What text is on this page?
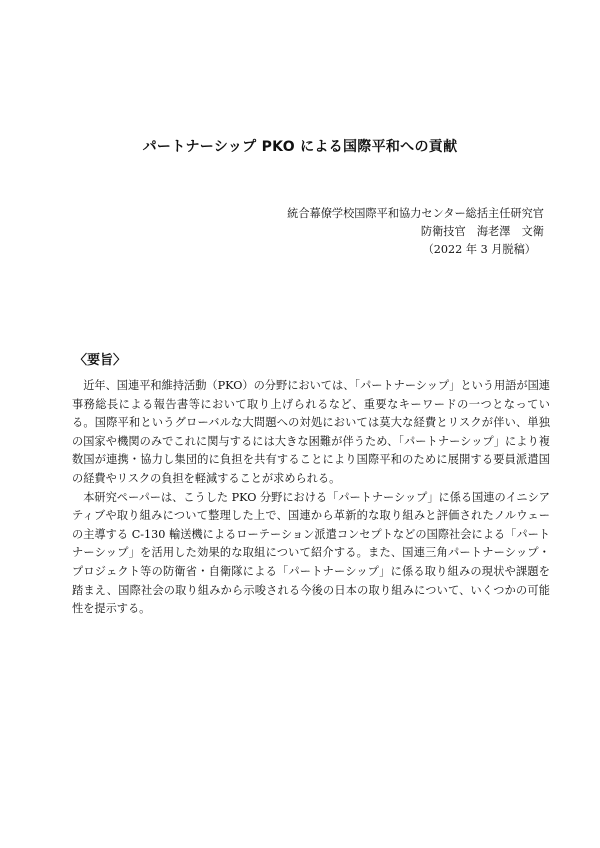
パートナーシップ PKO による国際平和への貢献
統合幕僚学校国際平和協力センター総括主任研究官
防衛技官　海老澤　文衛
（2022 年 3 月脱稿）
〈要旨〉

近年、国連平和維持活動（PKO）の分野においては、「パートナーシップ」という用語が国連事務総長による報告書等において取り上げられるなど、重要なキーワードの一つとなっている。国際平和というグローバルな大問題への対処においては莫大な経費とリスクが伴い、単独の国家や機関のみでこれに関与するには大きな困難が伴うため、「パートナーシップ」により複数国が連携・協力し集団的に負担を共有することにより国際平和のために展開する要員派遣国の経費やリスクの負担を軽減することが求められる。

本研究ペーパーは、こうした PKO 分野における「パートナーシップ」に係る国連のイニシアティブや取り組みについて整理した上で、国連から革新的な取り組みと評価されたノルウェーの主導する C-130 輸送機によるローテーション派遣コンセプトなどの国際社会による「パートナーシップ」を活用した効果的な取組について紹介する。また、国連三角パートナーシップ・プロジェクト等の防衛省・自衛隊による「パートナーシップ」に係る取り組みの現状や課題を踏まえ、国際社会の取り組みから示唆される今後の日本の取り組みについて、いくつかの可能性を提示する。
